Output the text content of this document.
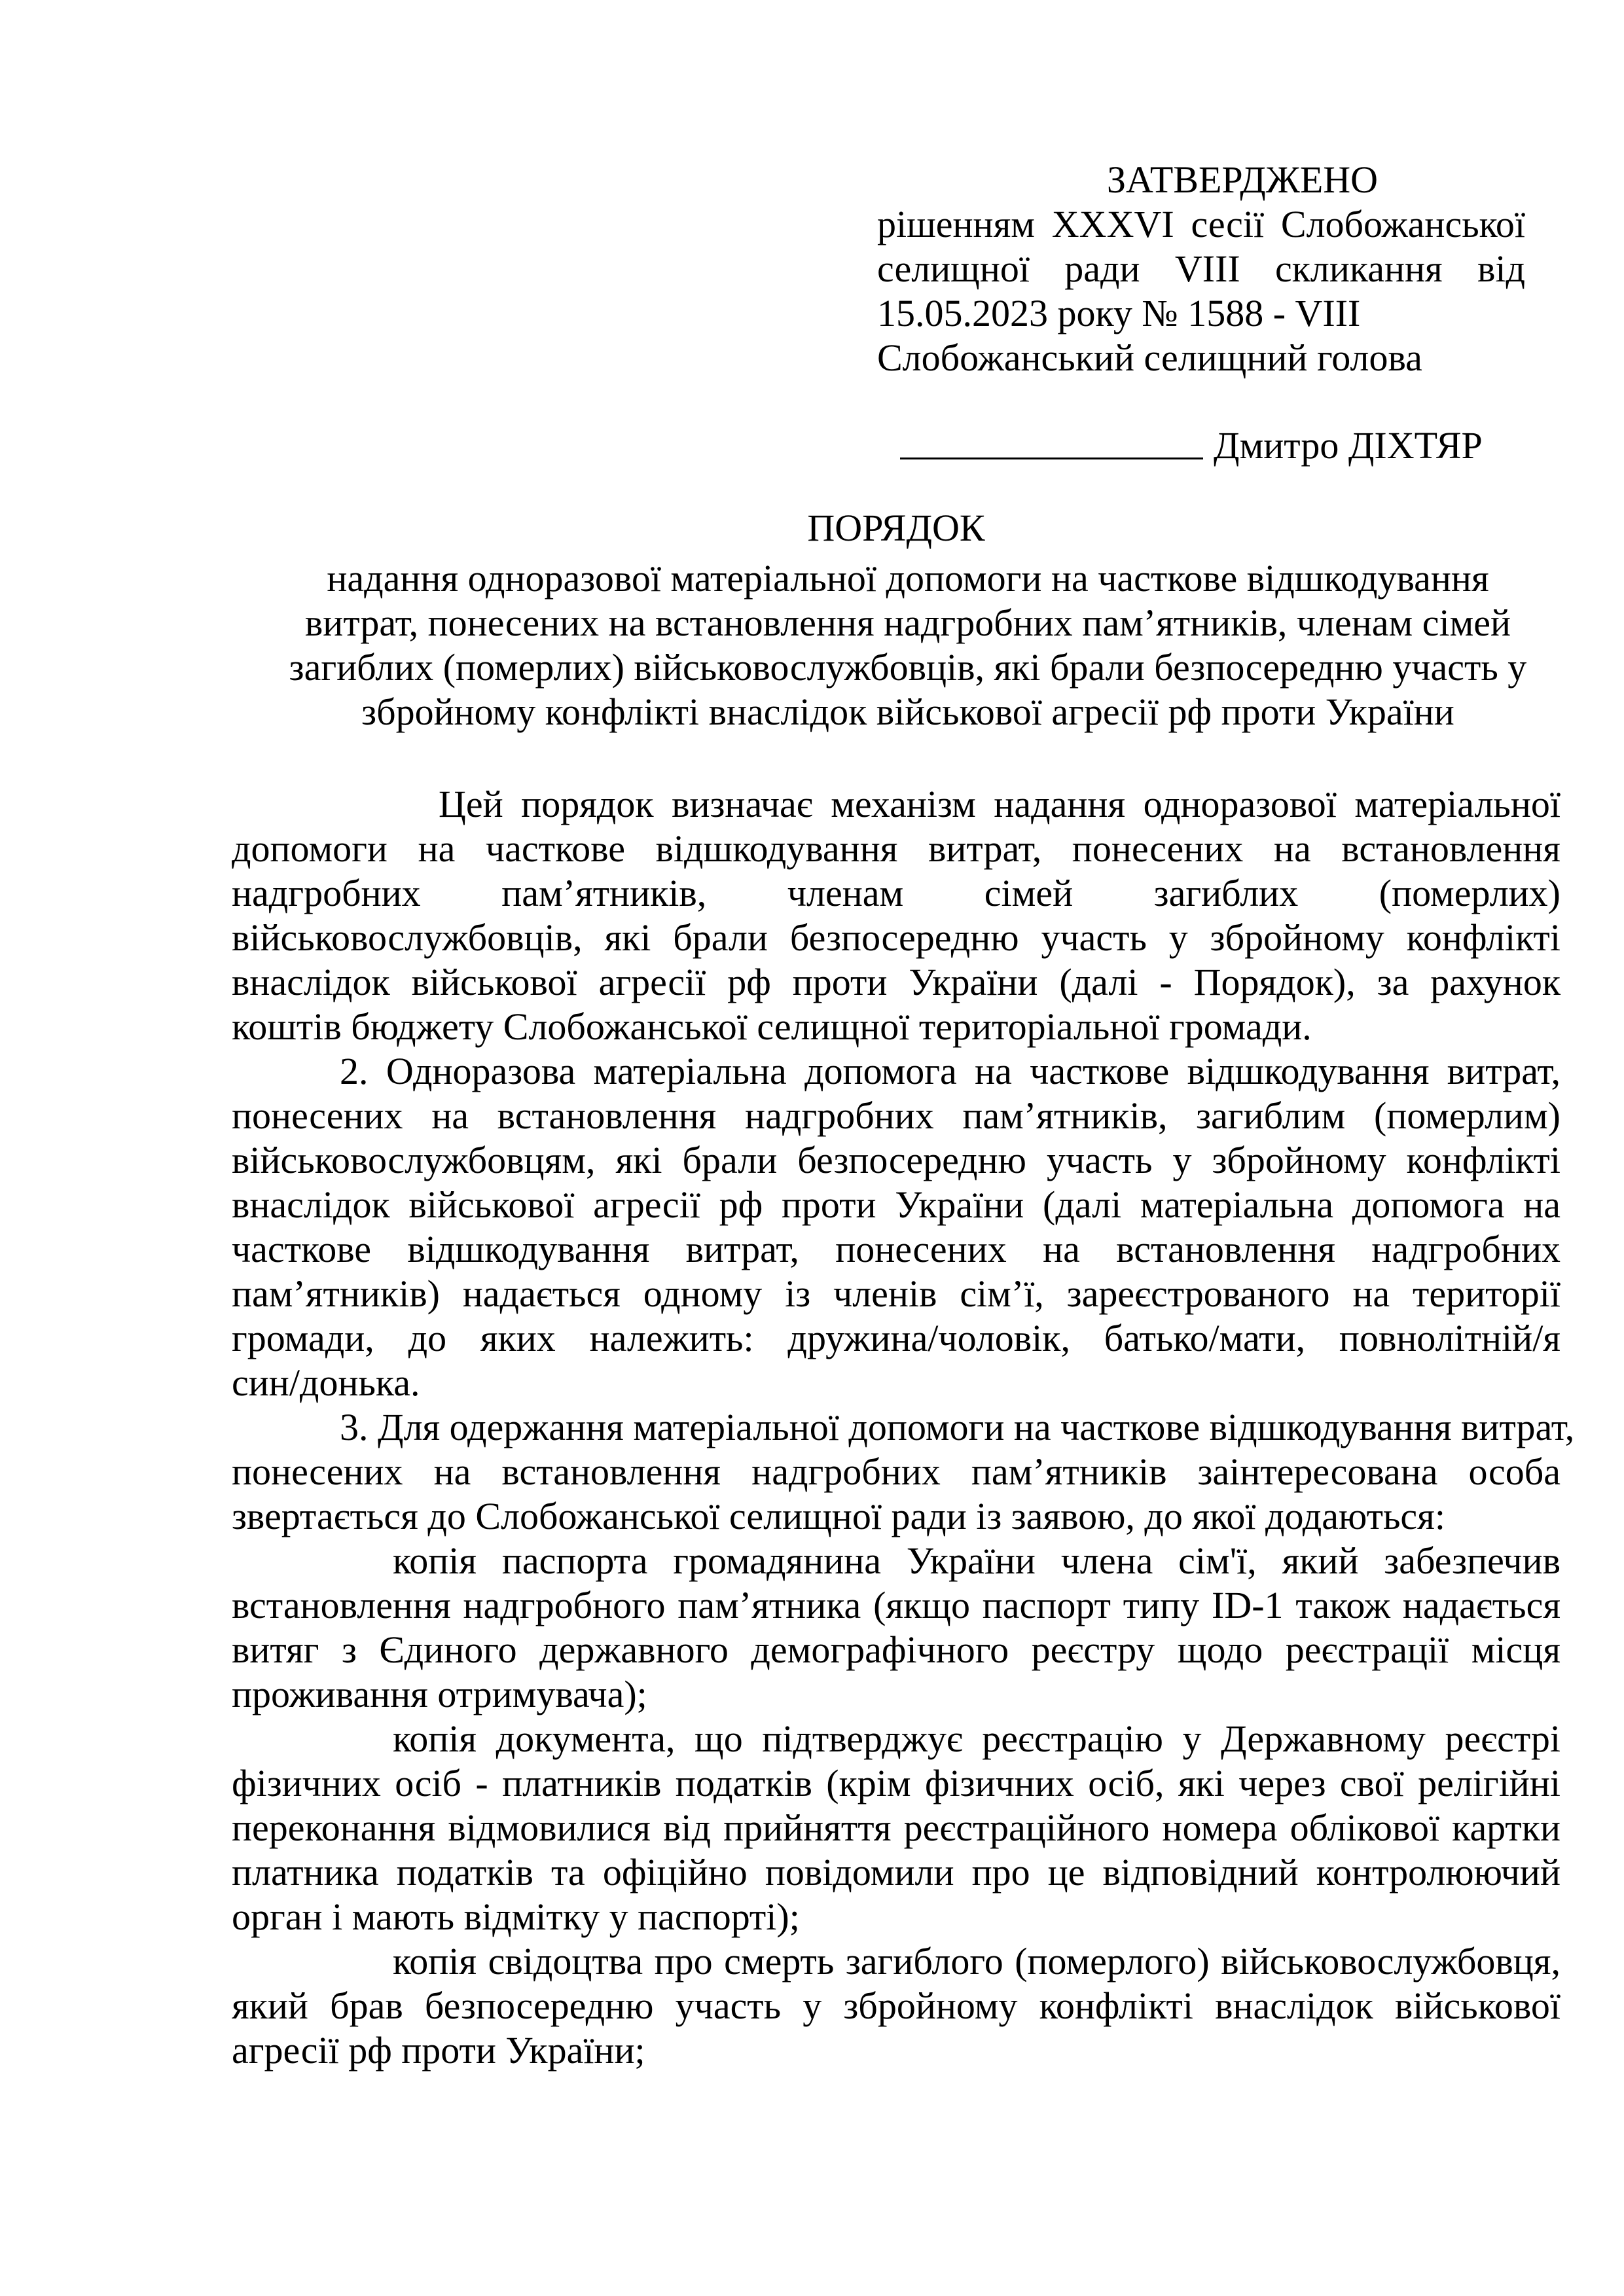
ЗАТВЕРДЖЕНО
рішенням XXXVI сесії Слобожанської
селищної ради VIII скликання від
15.05.2023 року № 1588 - VIII
Слобожанський селищний голова
Дмитро ДІХТЯР
ПОРЯДОК
надання одноразової матеріальної допомоги на часткове відшкодування
витрат, понесених на встановлення надгробних пам’ятників, членам сімей
загиблих (померлих) військовослужбовців, які брали безпосередню участь у
збройному конфлікті внаслідок військової агресії рф проти України
Цей порядок визначає механізм надання одноразової матеріальної
допомоги на часткове відшкодування витрат, понесених на встановлення
надгробних пам’ятників, членам сімей загиблих (померлих)
військовослужбовців, які брали безпосередню участь у збройному конфлікті
внаслідок військової агресії рф проти України (далі - Порядок), за рахунок
коштів бюджету Слобожанської селищної територіальної громади.
2. Одноразова матеріальна допомога на часткове відшкодування витрат,
понесених на встановлення надгробних пам’ятників, загиблим (померлим)
військовослужбовцям, які брали безпосередню участь у збройному конфлікті
внаслідок військової агресії рф проти України (далі матеріальна допомога на
часткове відшкодування витрат, понесених на встановлення надгробних
пам’ятників) надається одному із членів сім’ї, зареєстрованого на території
громади, до яких належить: дружина/чоловік, батько/мати, повнолітній/я
син/донька.
3. Для одержання матеріальної допомоги на часткове відшкодування витрат,
понесених на встановлення надгробних пам’ятників заінтересована особа
звертається до Слобожанської селищної ради із заявою, до якої додаються:
копія паспорта громадянина України члена сім'ї, який забезпечив
встановлення надгробного пам’ятника (якщо паспорт типу ID-1 також надається
витяг з Єдиного державного демографічного реєстру щодо реєстрації місця
проживання отримувача);
копія документа, що підтверджує реєстрацію у Державному реєстрі
фізичних осіб - платників податків (крім фізичних осіб, які через свої релігійні
переконання відмовилися від прийняття реєстраційного номера облікової картки
платника податків та офіційно повідомили про це відповідний контролюючий
орган і мають відмітку у паспорті);
копія свідоцтва про смерть загиблого (померлого) військовослужбовця,
який брав безпосередню участь у збройному конфлікті внаслідок військової
агресії рф проти України;
